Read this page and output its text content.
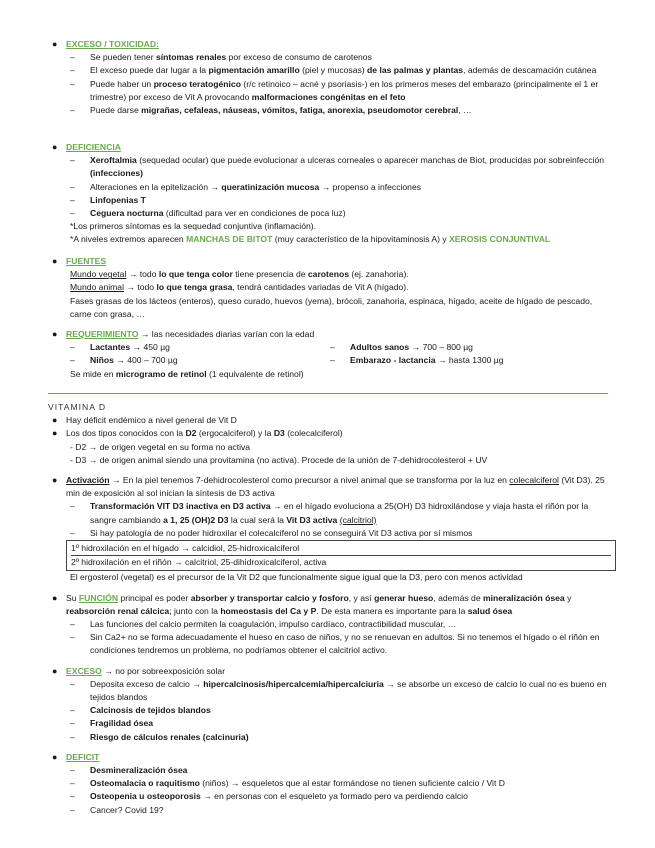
● EXCESO / TOXICIDAD:
–	Se pueden tener síntomas renales por exceso de consumo de carotenos
–	El exceso puede dar lugar a la pigmentación amarillo (piel y mucosas) de las palmas y plantas, además de descamación cutánea
–	Puede haber un proceso teratogénico (r/c retinoico – acné y psoriasis-) en los primeros meses del embarazo (principalmente el 1 er trimestre) por exceso de Vit A provocando malformaciones congénitas en el feto
–	Puede darse migrañas, cefaleas, náuseas, vómitos, fatiga, anorexia, pseudomotor cerebral, …
● DEFICIENCIA
–	Xeroftalmia (sequedad ocular) que puede evolucionar a ulceras corneales o aparecer manchas de Biot, producidas por sobreinfección (infecciones)
–	Alteraciones en la epitelización → queratinización mucosa → propenso a infecciones
–	Linfopenias T
–	Ceguera nocturna (dificultad para ver en condiciones de poca luz)
*Los primeros síntomas es la sequedad conjuntiva (inflamación).
*A niveles extremos aparecen MANCHAS DE BITOT (muy característico de la hipovitaminosis A) y XEROSIS CONJUNTIVAL
● FUENTES
Mundo vegetal → todo lo que tenga color tiene presencia de carotenos (ej. zanahoria).
Mundo animal → todo lo que tenga grasa, tendrá cantidades variadas de Vit A (hígado).
Fases grasas de los lácteos (enteros), queso curado, huevos (yema), brócoli, zanahoria, espinaca, hígado, aceite de hígado de pescado, carne con grasa, …
● REQUERIMIENTO → las necesidades diarias varían con la edad
–	Lactantes → 450 µg	–	Adultos sanos → 700 – 800 µg
–	Niños → 400 – 700 µg	–	Embarazo - lactancia → hasta 1300 µg
Se mide en microgramo de retinol (1 equivalente de retinol)
VITAMINA D
● Hay déficit endémico a nivel general de Vit D
● Los dos tipos conocidos con la D2 (ergocalciferol) y la D3 (colecalciferol)
- D2 → de origen vegetal en su forma no activa
- D3 → de origen animal siendo una provitamina (no activa). Procede de la unión de 7-dehidrocolesterol + UV
● Activación → En la piel tenemos 7-dehidrocolesterol como precursor a nivel animal que se transforma por la luz en colecalciferol (Vit D3). 25 min de exposición al sol inician la síntesis de D3 activa
–	Transformación VIT D3 inactiva en D3 activa → en el hígado evoluciona a 25(OH) D3 hidroxilándose y viaja hasta el riñón por la sangre cambiando a 1, 25 (OH)2 D3 la cual será la Vit D3 activa (calcitriol)
–	Si hay patología de no poder hidroxilar el colecalciferol no se conseguirá Vit D3 activa por sí mismos
1º hidroxilación en el hígado → calcidiol, 25-hidroxicalciferol
2º hidroxilación en el riñón → calcitriol, 25-dihidroxicalciferol, activa
El ergosterol (vegetal) es el precursor de la Vit D2 que funcionalmente sigue igual que la D3, pero con menos actividad
● Su FUNCIÓN principal es poder absorber y transportar calcio y fosforo, y así generar hueso, además de mineralización ósea y reabsorción renal cálcica; junto con la homeostasis del Ca y P. De esta manera es importante para la salud ósea
–	Las funciones del calcio permiten la coagulación, impulso cardíaco, contractibilidad muscular, …
–	Sin Ca2+ no se forma adecuadamente el hueso en caso de niños, y no se renuevan en adultos. Si no tenemos el hígado o el riñón en condiciones tendremos un problema, no podríamos obtener el calcitriol activo.
● EXCESO → no por sobreexposición solar
–	Deposita exceso de calcio → hipercalcinosis/hipercalcemia/hipercalciuria → se absorbe un exceso de calcio lo cual no es bueno en tejidos blandos
–	Calcinosis de tejidos blandos
–	Fragilidad ósea
–	Riesgo de cálculos renales (calcinuria)
● DEFICIT
–	Desmineralización ósea
–	Osteomalacia o raquitismo (niños) → esqueletos que al estar formándose no tienen suficiente calcio / Vit D
–	Osteopenia u osteoporosis → en personas con el esqueleto ya formado pero va perdiendo calcio
–	Cancer? Covid 19?
